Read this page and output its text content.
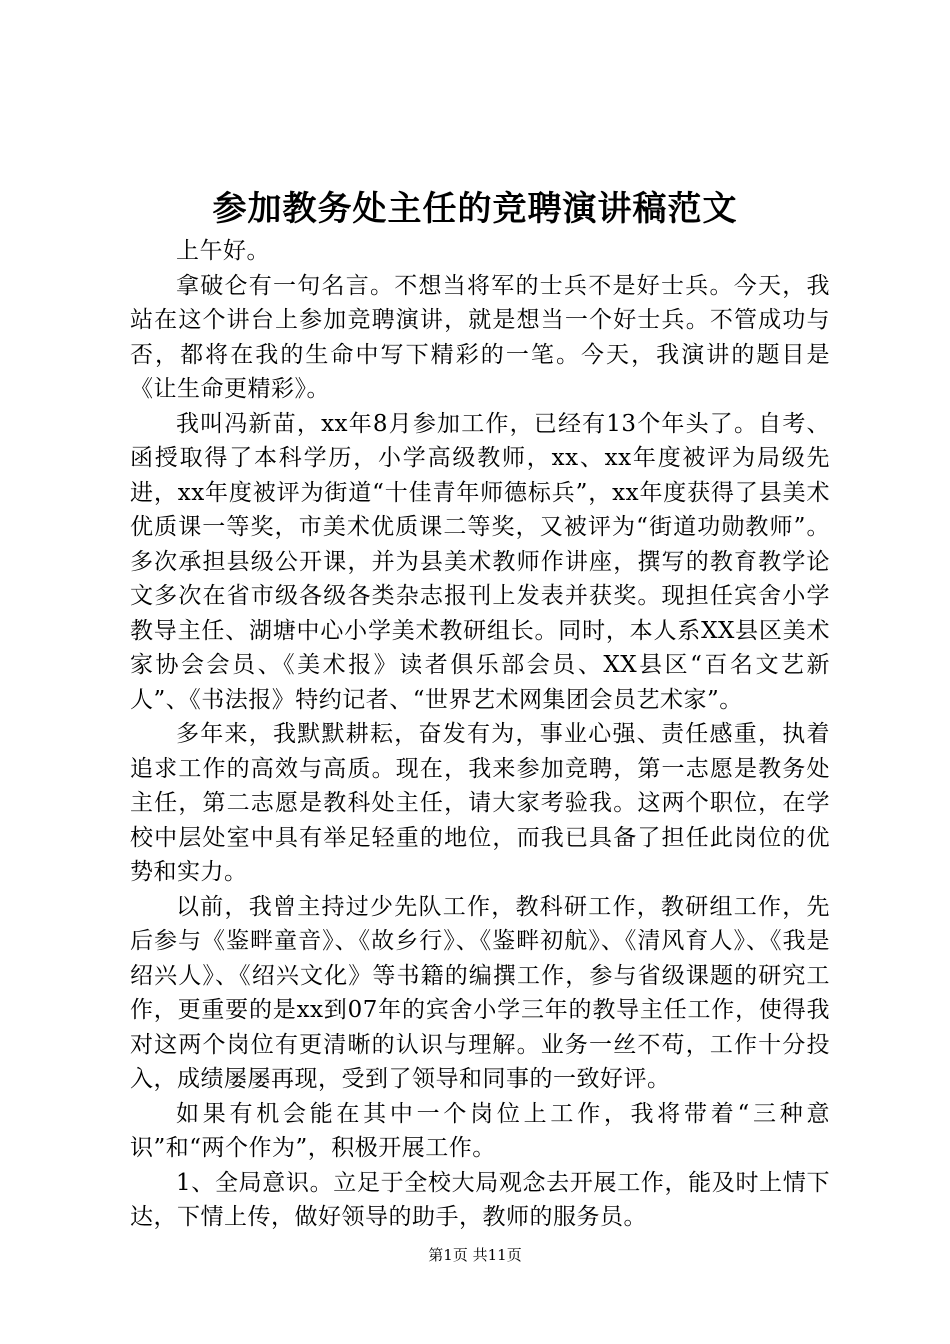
参加教务处主任的竞聘演讲稿范文

上午好。

拿破仑有一句名言。不想当将军的士兵不是好士兵。今天，我站在这个讲台上参加竞聘演讲，就是想当一个好士兵。不管成功与否，都将在我的生命中写下精彩的一笔。今天，我演讲的题目是《让生命更精彩》。

我叫冯新苗，xx年8月参加工作，已经有13个年头了。自考、函授取得了本科学历，小学高级教师，xx、xx年度被评为局级先进，xx年度被评为街道“十佳青年师德标兵”，xx年度获得了县美术优质课一等奖，市美术优质课二等奖，又被评为“街道功勋教师”。多次承担县级公开课，并为县美术教师作讲座，撰写的教育教学论文多次在省市级各级各类杂志报刊上发表并获奖。现担任宾舍小学教导主任、湖塘中心小学美术教研组长。同时，本人系XX县区美术家协会会员、《美术报》读者俱乐部会员、XX县区“百名文艺新人”、《书法报》特约记者、“世界艺术网集团会员艺术家”。

多年来，我默默耕耘，奋发有为，事业心强、责任感重，执着追求工作的高效与高质。现在，我来参加竞聘，第一志愿是教务处主任，第二志愿是教科处主任，请大家考验我。这两个职位，在学校中层处室中具有举足轻重的地位，而我已具备了担任此岗位的优势和实力。

以前，我曾主持过少先队工作，教科研工作，教研组工作，先后参与《鉴畔童音》、《故乡行》、《鉴畔初航》、《清风育人》、《我是绍兴人》、《绍兴文化》等书籍的编撰工作，参与省级课题的研究工作，更重要的是xx到07年的宾舍小学三年的教导主任工作，使得我对这两个岗位有更清晰的认识与理解。业务一丝不苟，工作十分投入，成绩屡屡再现，受到了领导和同事的一致好评。

如果有机会能在其中一个岗位上工作，我将带着“三种意识”和“两个作为”，积极开展工作。

1、全局意识。立足于全校大局观念去开展工作，能及时上情下达，下情上传，做好领导的助手，教师的服务员。

第1页 共11页
